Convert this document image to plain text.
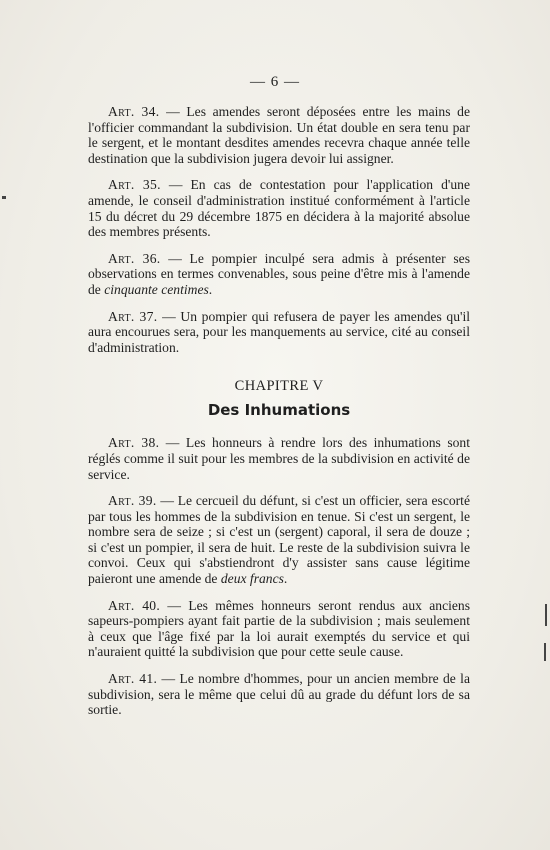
— 6 —

Art. 34. — Les amendes seront déposées entre les mains de l'officier commandant la subdivision. Un état double en sera tenu par le sergent, et le montant desdites amendes recevra chaque année telle destination que la subdivision jugera devoir lui assigner.

Art. 35. — En cas de contestation pour l'application d'une amende, le conseil d'administration institué conformément à l'article 15 du décret du 29 décembre 1875 en décidera à la majorité absolue des membres présents.

Art. 36. — Le pompier inculpé sera admis à présenter ses observations en termes convenables, sous peine d'être mis à l'amende de cinquante centimes.

Art. 37. — Un pompier qui refusera de payer les amendes qu'il aura encourues sera, pour les manquements au service, cité au conseil d'administration.

CHAPITRE V
Des Inhumations

Art. 38. — Les honneurs à rendre lors des inhumations sont réglés comme il suit pour les membres de la subdivision en activité de service.

Art. 39. — Le cercueil du défunt, si c'est un officier, sera escorté par tous les hommes de la subdivision en tenue. Si c'est un sergent, le nombre sera de seize ; si c'est un (sergent) caporal, il sera de douze ; si c'est un pompier, il sera de huit. Le reste de la subdivision suivra le convoi. Ceux qui s'abstiendront d'y assister sans cause légitime paieront une amende de deux francs.

Art. 40. — Les mêmes honneurs seront rendus aux anciens sapeurs-pompiers ayant fait partie de la subdivision ; mais seulement à ceux que l'âge fixé par la loi aurait exemptés du service et qui n'auraient quitté la subdivision que pour cette seule cause.

Art. 41. — Le nombre d'hommes, pour un ancien membre de la subdivision, sera le même que celui dû au grade du défunt lors de sa sortie.
